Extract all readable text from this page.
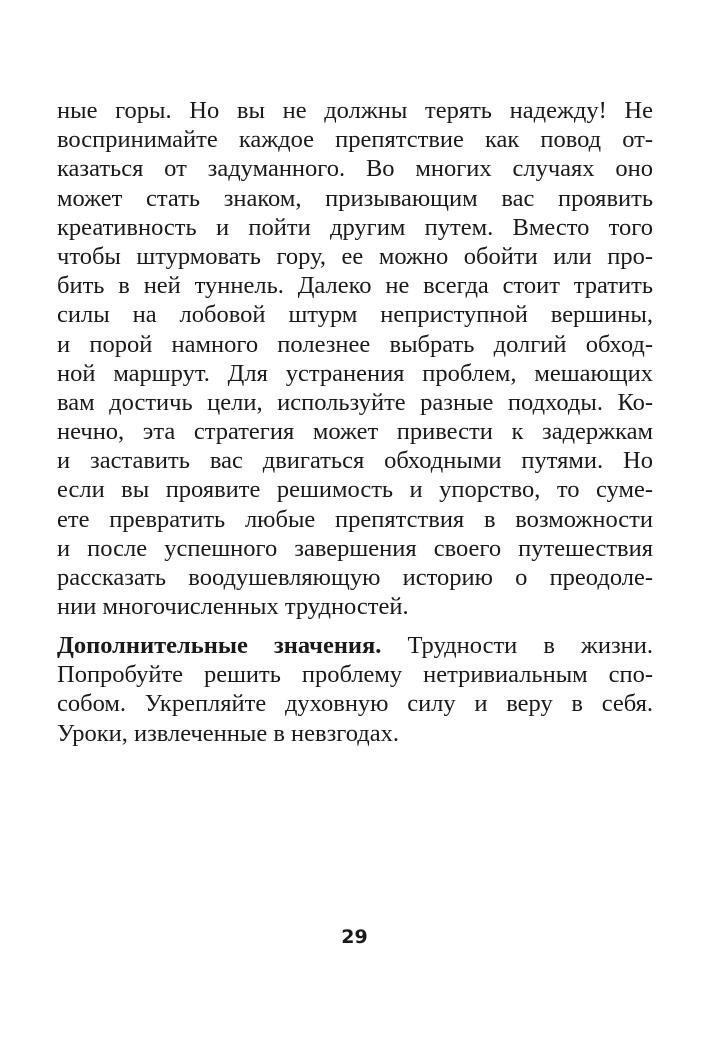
ные горы. Но вы не должны терять надежду! Не
воспринимайте каждое препятствие как повод от-
казаться от задуманного. Во многих случаях оно
может стать знаком, призывающим вас проявить
креативность и пойти другим путем. Вместо того
чтобы штурмовать гору, ее можно обойти или про-
бить в ней туннель. Далеко не всегда стоит тратить
силы на лобовой штурм неприступной вершины,
и порой намного полезнее выбрать долгий обход-
ной маршрут. Для устранения проблем, мешающих
вам достичь цели, используйте разные подходы. Ко-
нечно, эта стратегия может привести к задержкам
и заставить вас двигаться обходными путями. Но
если вы проявите решимость и упорство, то суме-
ете превратить любые препятствия в возможности
и после успешного завершения своего путешествия
рассказать воодушевляющую историю о преодоле-
нии многочисленных трудностей.
Дополнительные значения. Трудности в жизни.
Попробуйте решить проблему нетривиальным спо-
собом. Укрепляйте духовную силу и веру в себя.
Уроки, извлеченные в невзгодах.
29
